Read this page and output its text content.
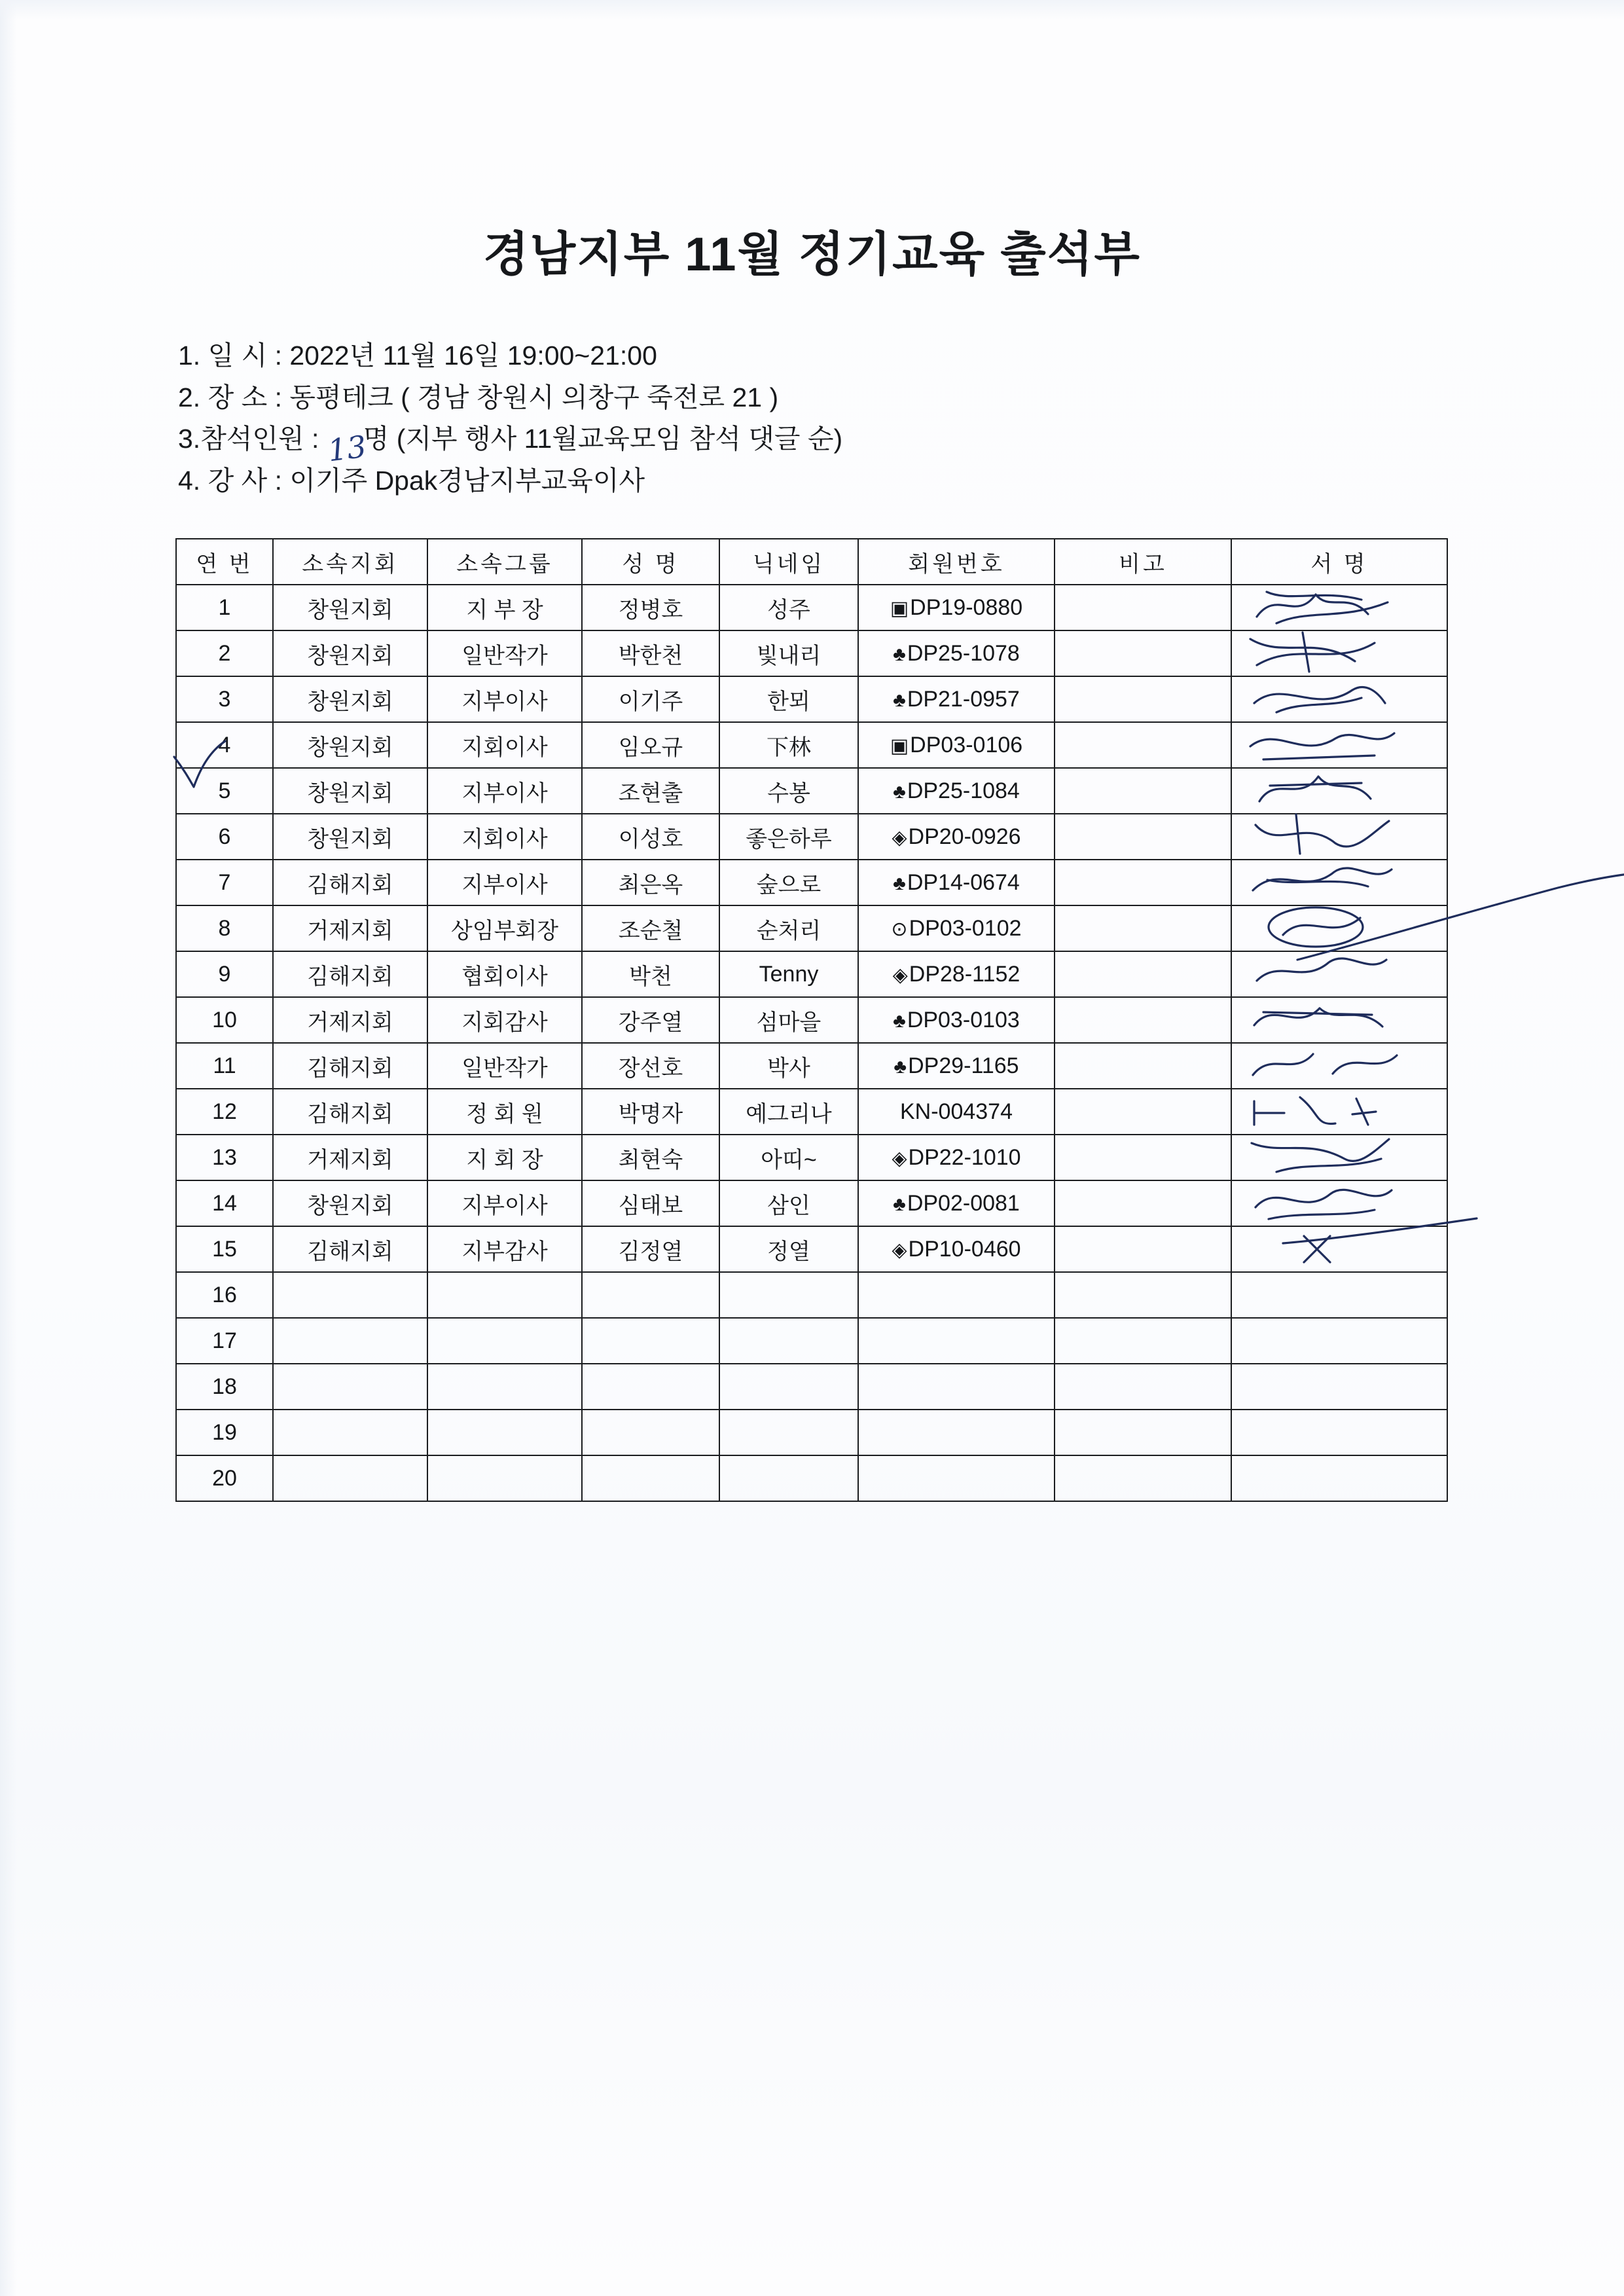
경남지부 11월 정기교육 출석부
1. 일 시 : 2022년 11월 16일 19:00~21:00
2. 장 소 : 동평테크 ( 경남 창원시 의창구 죽전로 21 )
3.참석인원 :
13
명 (지부 행사 11월교육모임 참석 댓글 순)
4. 강 사 : 이기주 Dpak경남지부교육이사
연 번	소속지회	소속그룹	성 명	닉네임	회원번호	비고	서 명
1	창원지회	지 부 장	정병호	성주	▣DP19-0880		

2	창원지회	일반작가	박한천	빛내리	♣DP25-1078		

3	창원지회	지부이사	이기주	한뫼	♣DP21-0957		

4	창원지회	지회이사	임오규	下林	▣DP03-0106		

5	창원지회	지부이사	조현출	수봉	♣DP25-1084		

6	창원지회	지회이사	이성호	좋은하루	◈DP20-0926		

7	김해지회	지부이사	최은옥	숲으로	♣DP14-0674		

8	거제지회	상임부회장	조순철	순처리	⊙DP03-0102		

9	김해지회	협회이사	박천	Tenny	◈DP28-1152		

10	거제지회	지회감사	강주열	섬마을	♣DP03-0103		

11	김해지회	일반작가	장선호	박사	♣DP29-1165		

12	김해지회	정 회 원	박명자	예그리나	KN-004374		

13	거제지회	지 회 장	최현숙	아띠~	◈DP22-1010		

14	창원지회	지부이사	심태보	삼인	♣DP02-0081		

15	김해지회	지부감사	김정열	정열	◈DP10-0460		

16							
17							
18							
19							
20							
